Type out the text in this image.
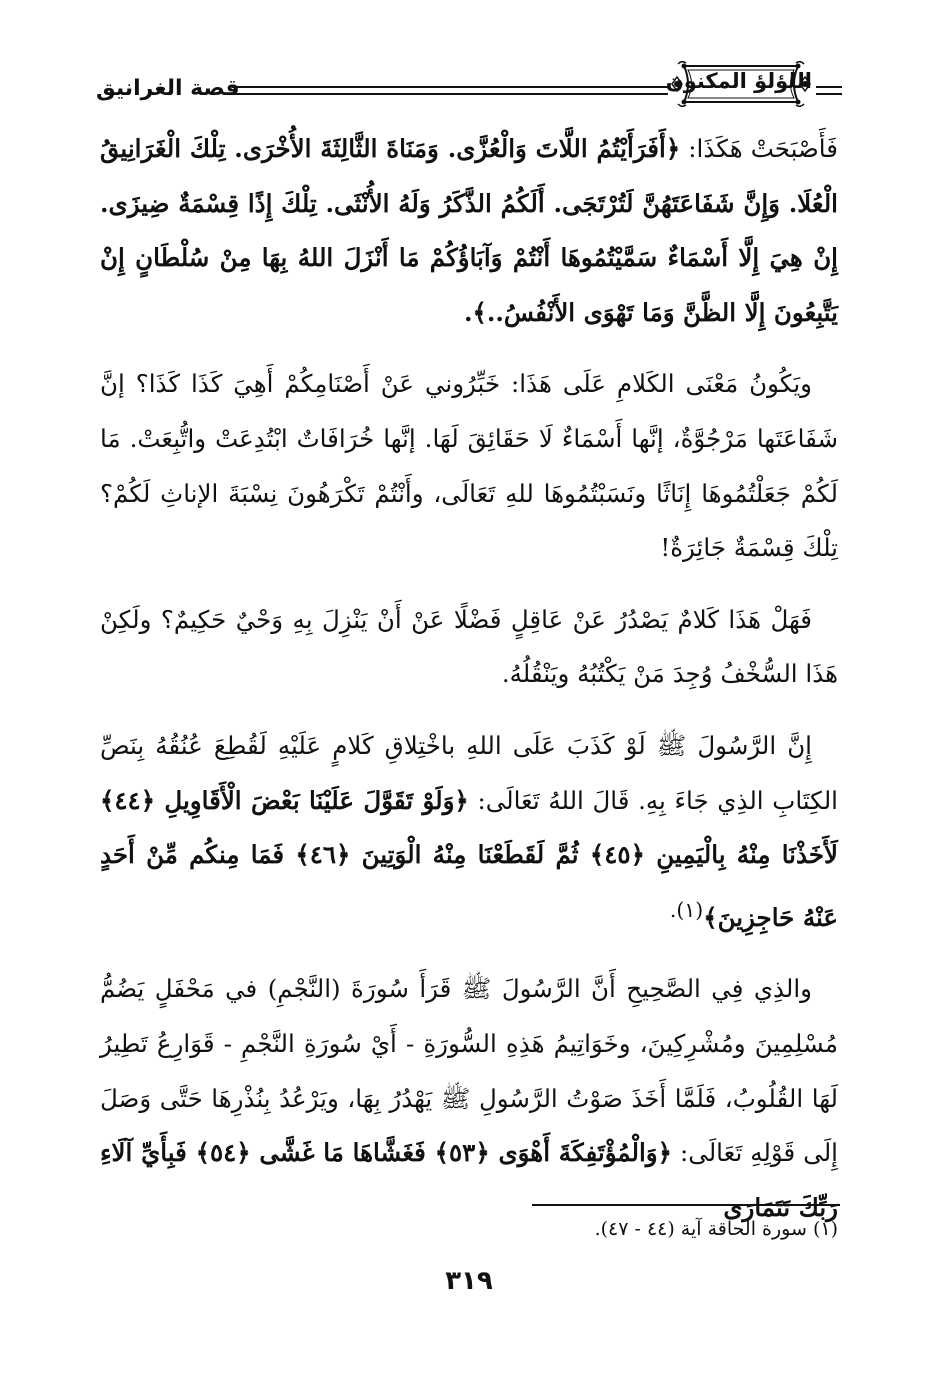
قصة الغرانيق	اللؤلؤ المكنون

فَأَصْبَحَتْ هَكَذَا: ﴿أَفَرَأَيْتُمُ اللَّاتَ وَالْعُزَّى. وَمَنَاةَ الثَّالِثَةَ الأُخْرَى. تِلْكَ الْغَرَانِيقُ الْعُلَا. وَإِنَّ شَفَاعَتَهُنَّ لَتُرْتَجَى. أَلَكُمُ الذَّكَرُ وَلَهُ الأُنْثَى. تِلْكَ إِذًا قِسْمَةٌ ضِيزَى. إِنْ هِيَ إِلَّا أَسْمَاءٌ سَمَّيْتُمُوهَا أَنْتُمْ وَآبَاؤُكُمْ مَا أَنْزَلَ اللهُ بِهَا مِنْ سُلْطَانٍ إِنْ يَتَّبِعُونَ إِلَّا الظَّنَّ وَمَا تَهْوَى الأَنْفُسُ..﴾.

ويَكُونُ مَعْنَى الكَلامِ عَلَى هَذَا: خَبِّرُوني عَنْ أَصْنَامِكُمْ أَهِيَ كَذَا كَذَا؟ إنَّ شَفَاعَتَها مَرْجُوَّةٌ، إنَّها أَسْمَاءٌ لَا حَقَائِقَ لَهَا. إنَّها خُرَافَاتٌ ابْتُدِعَتْ واتُّبِعَتْ. مَا لَكُمْ جَعَلْتُمُوهَا إِنَاثًا ونَسَبْتُمُوهَا للهِ تَعَالَى، وأَنْتُمْ تَكْرَهُونَ نِسْبَةَ الإناثِ لَكُمْ؟ تِلْكَ قِسْمَةٌ جَائِرَةٌ!

فَهَلْ هَذَا كَلامٌ يَصْدُرُ عَنْ عَاقِلٍ فَضْلًا عَنْ أَنْ يَنْزِلَ بِهِ وَحْيٌ حَكِيمٌ؟ ولَكِنْ هَذَا السُّخْفُ وُجِدَ مَنْ يَكْتُبُهُ ويَنْقُلُهُ.

إِنَّ الرَّسُولَ ﷺ لَوْ كَذَبَ عَلَى اللهِ باخْتِلاقِ كَلامٍ عَلَيْهِ لَقُطِعَ عُنُقُهُ بِنَصِّ الكِتَابِ الذِي جَاءَ بِهِ. قَالَ اللهُ تَعَالَى: ﴿وَلَوْ تَقَوَّلَ عَلَيْنَا بَعْضَ الْأَقَاوِيلِ ﴿٤٤﴾ لَأَخَذْنَا مِنْهُ بِالْيَمِينِ ﴿٤٥﴾ ثُمَّ لَقَطَعْنَا مِنْهُ الْوَتِينَ ﴿٤٦﴾ فَمَا مِنكُم مِّنْ أَحَدٍ عَنْهُ حَاجِزِينَ﴾$^{(١).}$

والذِي فِي الصَّحِيحِ أَنَّ الرَّسُولَ ﷺ قَرَأَ سُورَةَ (النَّجْمِ) في مَحْفَلٍ يَضُمُّ مُسْلِمِينَ ومُشْرِكِينَ، وخَوَاتِيمُ هَذِهِ السُّورَةِ - أَيْ سُورَةِ النَّجْمِ - قَوَارِعُ تَطِيرُ لَهَا القُلُوبُ، فَلَمَّا أَخَذَ صَوْتُ الرَّسُولِ ﷺ يَهْدُرُ بِهَا، ويَرْعُدُ بِنُذْرِهَا حَتَّى وَصَلَ إِلَى قَوْلِهِ تَعَالَى: ﴿وَالْمُؤْتَفِكَةَ أَهْوَى ﴿٥٣﴾ فَغَشَّاهَا مَا غَشَّى ﴿٥٤﴾ فَبِأَيِّ آلَاءِ رَبِّكَ تَتَمَارَى

(١) سورة الحاقة آية (٤٤ - ٤٧).
٣١٩
